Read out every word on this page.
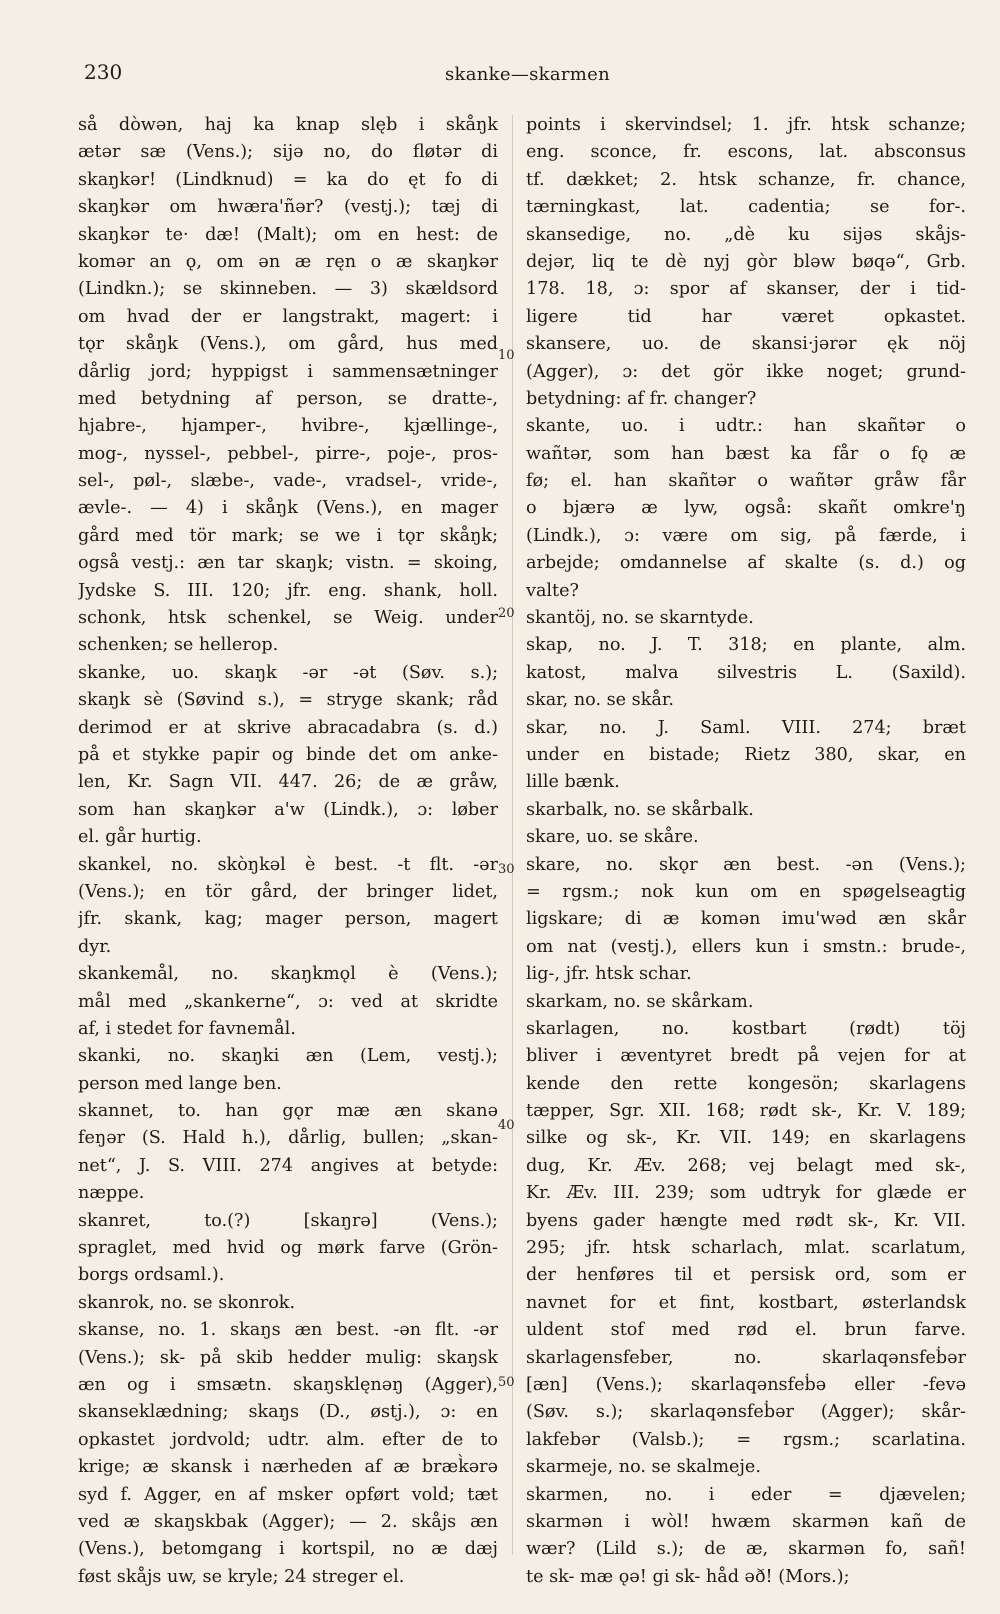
230	skanke—skarmen
så dòwən, haj ka knap slęb i skåŋk
ætər sæ (Vens.); sijə no, do fløtər di
skaŋkər! (Lindknud) = ka do ęt fo di
skaŋkər om hwæra'ñər? (vestj.); tæj di
skaŋkər te· dæ! (Malt); om en hest: de
komər an ǫ, om ən æ ręn o æ skaŋkər
(Lindkn.); se skinneben. — 3) skældsord
om hvad der er langstrakt, magert: i
tǫr skåŋk (Vens.), om gård, hus med
dårlig jord; hyppigst i sammensætninger
med betydning af person, se dratte-,
hjabre-, hjamper-, hvibre-, kjællinge-,
mog-, nyssel-, pebbel-, pirre-, poje-, pros-
sel-, pøl-, slæbe-, vade-, vradsel-, vride-,
ævle-. — 4) i skåŋk (Vens.), en mager
gård med tör mark; se we i tǫr skåŋk;
også vestj.: æn tar skaŋk; vistn. = skoing,
Jydske S. III. 120; jfr. eng. shank, holl.
schonk, htsk schenkel, se Weig. under
schenken; se hellerop.
skanke, uo. skaŋk -ər -ət (Søv. s.);
skaŋk sè (Søvind s.), = stryge skank; råd
derimod er at skrive abracadabra (s. d.)
på et stykke papir og binde det om anke-
len, Kr. Sagn VII. 447. 26; de æ gråw,
som han skaŋkər a'w (Lindk.), ɔ: løber
el. går hurtig.
skankel, no. skòŋkəl è best. -t flt. -ər
(Vens.); en tör gård, der bringer lidet,
jfr. skank, kag; mager person, magert
dyr.
skankemål, no. skaŋkmǫl è (Vens.);
mål med „skankerne“, ɔ: ved at skridte
af, i stedet for favnemål.
skanki, no. skaŋki æn (Lem, vestj.);
person med lange ben.
skannet, to. han gǫr mæ æn skanə
feŋər (S. Hald h.), dårlig, bullen; „skan-
net“, J. S. VIII. 274 angives at betyde:
næppe.
skanret, to.(?) [skaŋrə] (Vens.);
spraglet, med hvid og mørk farve (Grön-
borgs ordsaml.).
skanrok, no. se skonrok.
skanse, no. 1. skaŋs æn best. -ən flt. -ər
(Vens.); sk- på skib hedder mulig: skaŋsk
æn og i smsætn. skaŋsklęnəŋ (Agger),
skanseklædning; skaŋs (D., østj.), ɔ: en
opkastet jordvold; udtr. alm. efter de to
krige; æ skansk i nærheden af æ bræk̀ərə
syd f. Agger, en af msker opført vold; tæt
ved æ skaŋskbak (Agger); — 2. skåjs æn
(Vens.), betomgang i kortspil, no æ dæj
føst skåjs uw, se kryle; 24 streger el.
points i skervindsel; 1. jfr. htsk schanze;
eng. sconce, fr. escons, lat. absconsus
tf. dækket; 2. htsk schanze, fr. chance,
tærningkast, lat. cadentia; se for-.
skansedige, no. „dè ku sijəs skåjs-
dejər, liq te dè nyj gòr bləw bøqə“, Grb.
178. 18, ɔ: spor af skanser, der i tid-
ligere tid har været opkastet.
skansere, uo. de skansi·jərər ęk nöj
(Agger), ɔ: det gör ikke noget; grund-
betydning: af fr. changer?
skante, uo. i udtr.: han skañtər o
wañtər, som han bæst ka får o fǫ æ
fø; el. han skañtər o wañtər gråw får
o bjærə æ lyw, også: skañt omkre'ŋ
(Lindk.), ɔ: være om sig, på færde, i
arbejde; omdannelse af skalte (s. d.) og
valte?
skantöj, no. se skarntyde.
skap, no. J. T. 318; en plante, alm.
katost, malva silvestris L. (Saxild).
skar, no. se skår.
skar, no. J. Saml. VIII. 274; bræt
under en bistade; Rietz 380, skar, en
lille bænk.
skarbalk, no. se skårbalk.
skare, uo. se skåre.
skare, no. skǫr æn best. -ən (Vens.);
= rgsm.; nok kun om en spøgelseagtig
ligskare; di æ komən imu'wəd æn skår
om nat (vestj.), ellers kun i smstn.: brude-,
lig-, jfr. htsk schar.
skarkam, no. se skårkam.
skarlagen, no. kostbart (rødt) töj
bliver i æventyret bredt på vejen for at
kende den rette kongesön; skarlagens
tæpper, Sgr. XII. 168; rødt sk-, Kr. V. 189;
silke og sk-, Kr. VII. 149; en skarlagens
dug, Kr. Æv. 268; vej belagt med sk-,
Kr. Æv. III. 239; som udtryk for glæde er
byens gader hængte med rødt sk-, Kr. VII.
295; jfr. htsk scharlach, mlat. scarlatum,
der henføres til et persisk ord, som er
navnet for et fint, kostbart, østerlandsk
uldent stof med rød el. brun farve.
skarlagensfeber, no. skarlaqənsfeḃər
[æn] (Vens.); skarlaqənsfeḃə eller -fevə
(Søv. s.); skarlaqənsfeḃər (Agger); skår-
lakfebər (Valsb.); = rgsm.; scarlatina.
skarmeje, no. se skalmeje.
skarmen, no. i eder = djævelen;
skarmən i wòl! hwæm skarmən kañ de
wær? (Lild s.); de æ, skarmən fo, sañ!
te sk- mæ ǫə! gi sk- håd əð! (Mors.);
10
20
30
40
50
